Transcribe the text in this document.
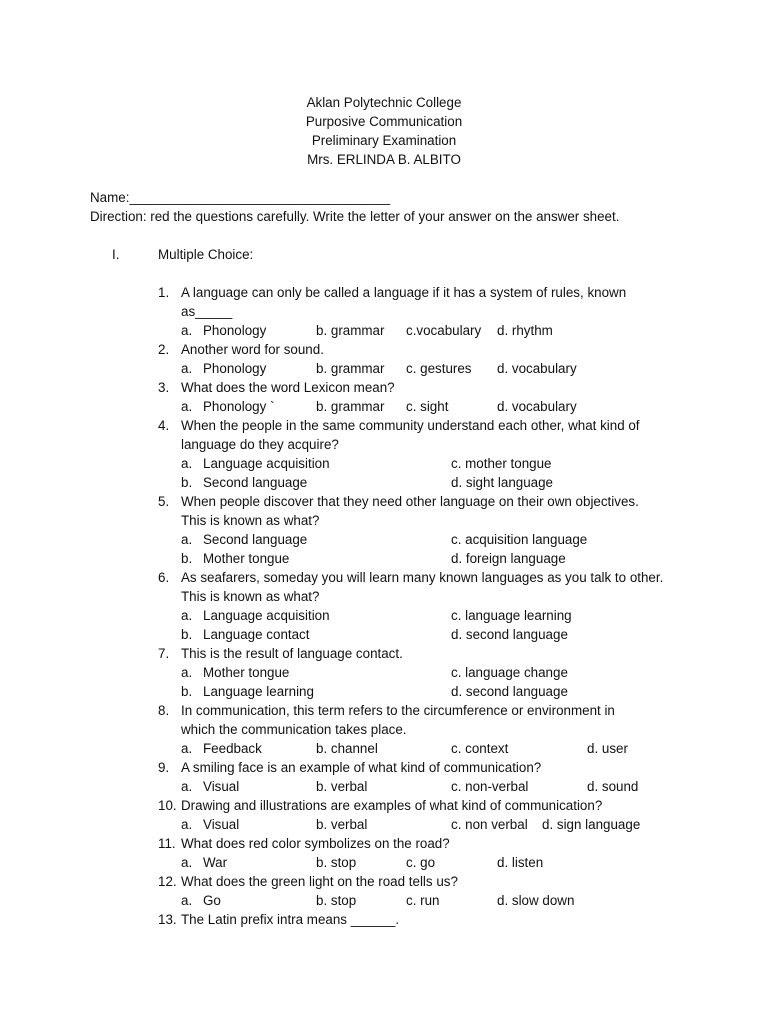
Aklan Polytechnic College
Purposive Communication
Preliminary Examination
Mrs. ERLINDA B. ALBITO
Name:___________________________________
Direction: red the questions carefully. Write the letter of your answer on the answer sheet.
I.	Multiple Choice:
1. A language can only be called a language if it has a system of rules, known
as_____
a. Phonology	b. grammar c.vocabulary d. rhythm
2. Another word for sound.
a. Phonology	b. grammar c. gestures d. vocabulary
3. What does the word Lexicon mean?
a. Phonology `	b. grammar c. sight	d. vocabulary
4. When the people in the same community understand each other, what kind of
language do they acquire?
a. Language acquisition	c. mother tongue
b. Second language	d. sight language
5. When people discover that they need other language on their own objectives.
This is known as what?
a. Second language	c. acquisition language
b. Mother tongue	d. foreign language
6. As seafarers, someday you will learn many known languages as you talk to other.
This is known as what?
a. Language acquisition	c. language learning
b. Language contact	d. second language
7. This is the result of language contact.
a. Mother tongue	c. language change
b. Language learning	d. second language
8. In communication, this term refers to the circumference or environment in
which the communication takes place.
a. Feedback	b. channel	c. context	d. user
9. A smiling face is an example of what kind of communication?
a. Visual	b. verbal	c. non-verbal	d. sound
10. Drawing and illustrations are examples of what kind of communication?
a. Visual	b. verbal	c. non verbal d. sign language
11. What does red color symbolizes on the road?
a. War	b. stop	c. go	d. listen
12. What does the green light on the road tells us?
a. Go	b. stop	c. run	d. slow down
13. The Latin prefix intra means ______.
